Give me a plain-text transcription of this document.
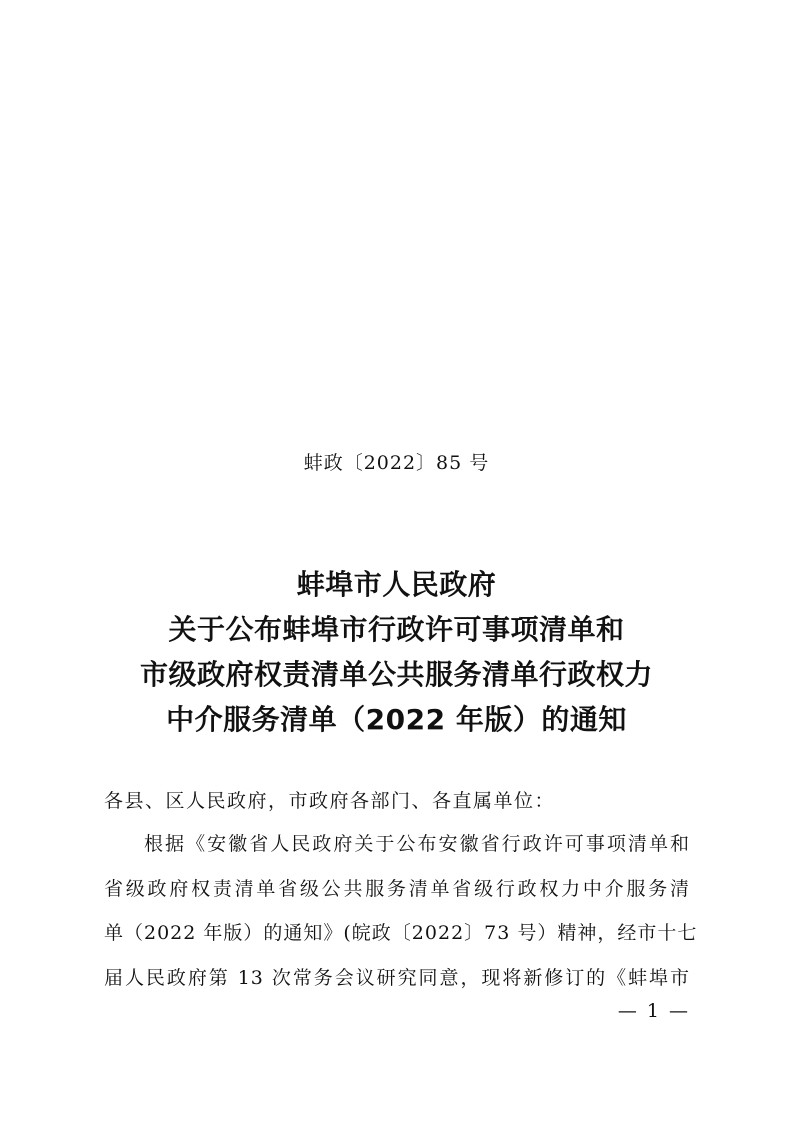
蚌政〔2022〕85 号
蚌埠市人民政府
关于公布蚌埠市行政许可事项清单和
市级政府权责清单公共服务清单行政权力
中介服务清单（2022 年版）的通知
各县、区人民政府，市政府各部门、各直属单位：
根据《安徽省人民政府关于公布安徽省行政许可事项清单和
省级政府权责清单省级公共服务清单省级行政权力中介服务清
单（2022 年版）的通知》(皖政〔2022〕73 号）精神，经市十七
届人民政府第 13 次常务会议研究同意，现将新修订的《蚌埠市
— 1 —
